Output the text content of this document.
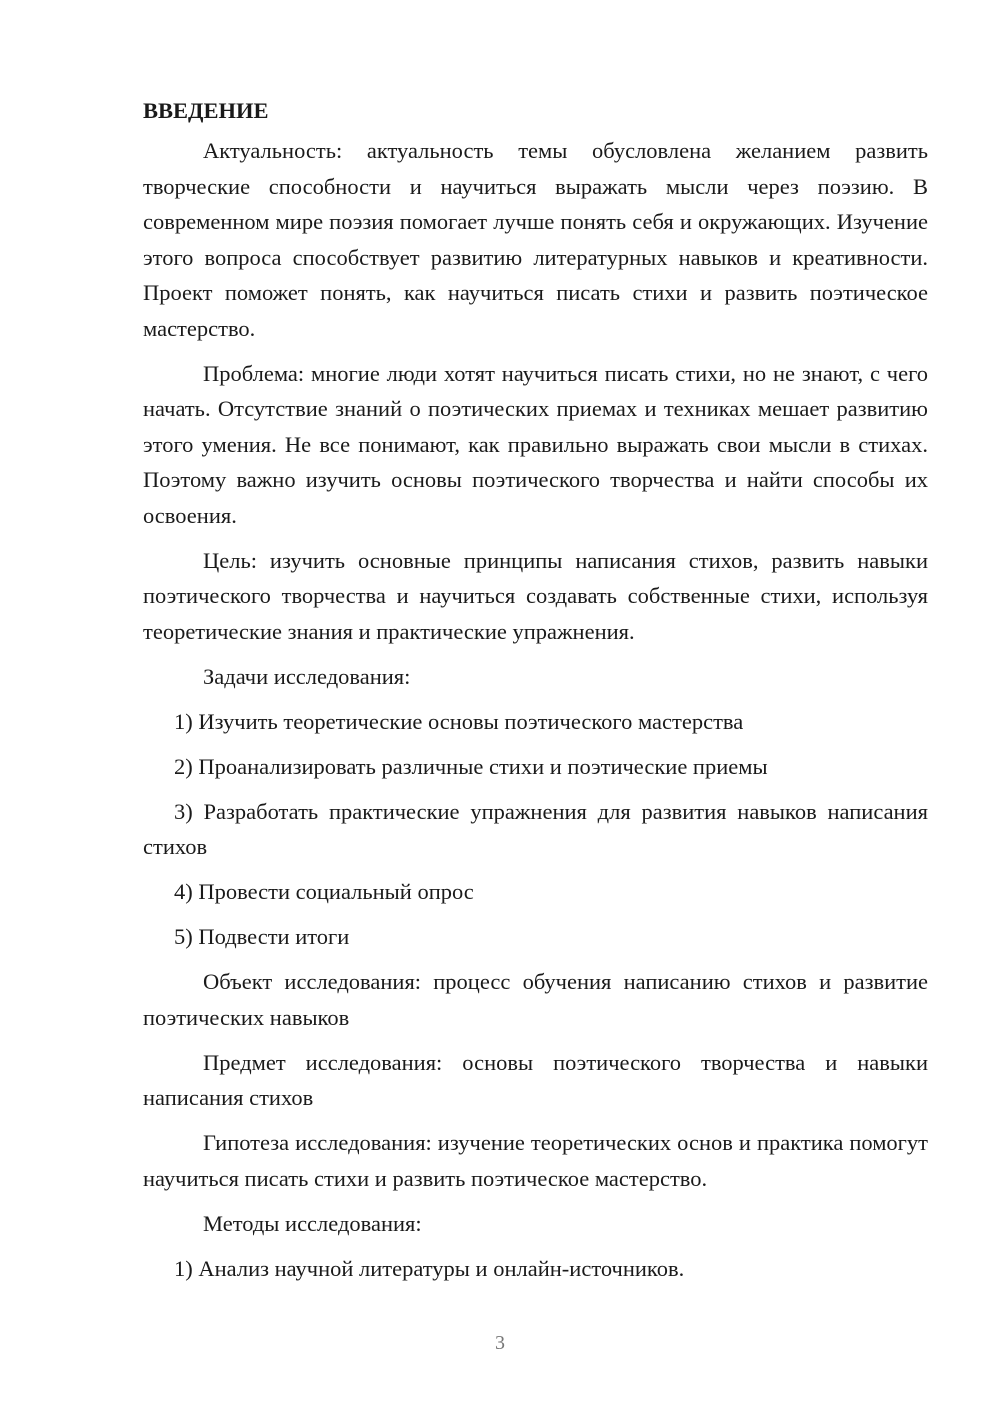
ВВЕДЕНИЕ

Актуальность: актуальность темы обусловлена желанием развить творческие способности и научиться выражать мысли через поэзию. В современном мире поэзия помогает лучше понять себя и окружающих. Изучение этого вопроса способствует развитию литературных навыков и креативности. Проект поможет понять, как научиться писать стихи и развить поэтическое мастерство.

Проблема: многие люди хотят научиться писать стихи, но не знают, с чего начать. Отсутствие знаний о поэтических приемах и техниках мешает развитию этого умения. Не все понимают, как правильно выражать свои мысли в стихах. Поэтому важно изучить основы поэтического творчества и найти способы их освоения.

Цель: изучить основные принципы написания стихов, развить навыки поэтического творчества и научиться создавать собственные стихи, используя теоретические знания и практические упражнения.

Задачи исследования:

1) Изучить теоретические основы поэтического мастерства

2) Проанализировать различные стихи и поэтические приемы

3) Разработать практические упражнения для развития навыков написания стихов

4) Провести социальный опрос

5) Подвести итоги

Объект исследования: процесс обучения написанию стихов и развитие поэтических навыков

Предмет исследования: основы поэтического творчества и навыки написания стихов

Гипотеза исследования: изучение теоретических основ и практика помогут научиться писать стихи и развить поэтическое мастерство.

Методы исследования:

1) Анализ научной литературы и онлайн-источников.

3
